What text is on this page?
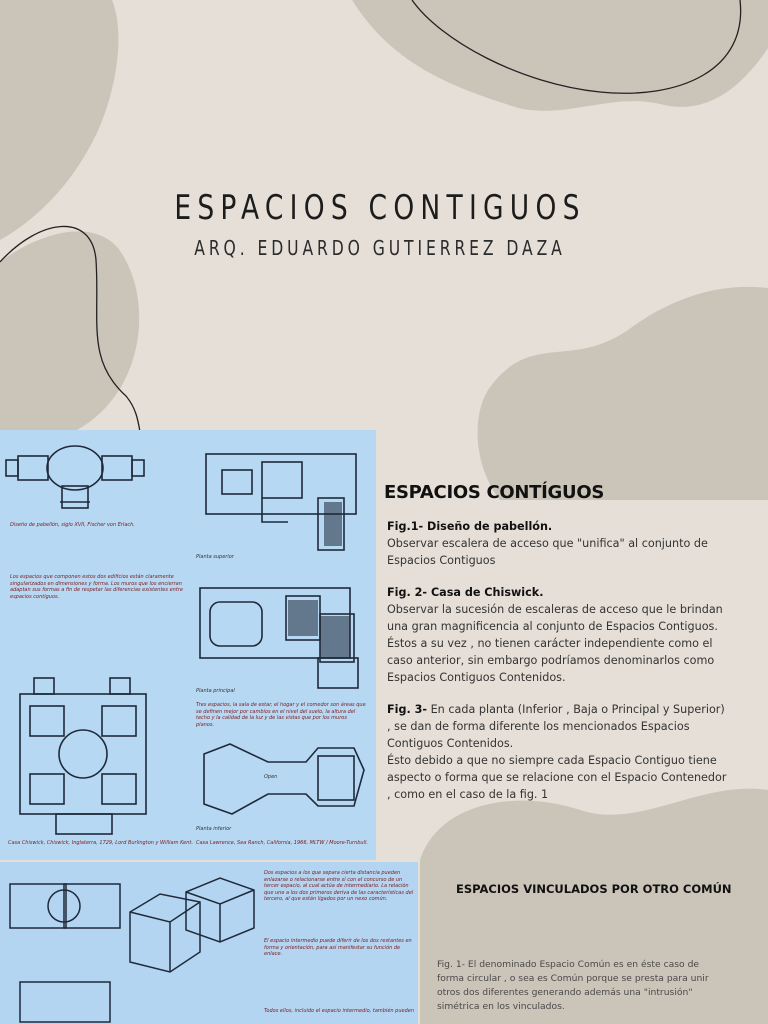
ESPACIOS CONTIGUOS
ARQ. EDUARDO GUTIERREZ DAZA
Diseño de pabellón, siglo XVII, Fischer von Erlach.
Los espacios que componen estos dos edificios están claramente singularizados en dimensiones y forma. Los muros que los encierran adaptan sus formas a fin de respetar las diferencias existentes entre espacios contiguos.
Planta superior
Planta principal
Tres espacios, la sala de estar, el hogar y el comedor son áreas que se definen mejor por cambios en el nivel del suelo, la altura del techo y la calidad de la luz y de las vistas que por los muros planos.
Open
Planta inferior
Casa Chiswick, Chiswick, Inglaterra, 1729, Lord Burlington y William Kent. Casa Lawrence, Sea Ranch, California, 1966, MLTW / Moore-Turnbull.
ESPACIOS CONTÍGUOS

Fig.1- Diseño de pabellón.
Observar escalera de acceso que "unifica" al conjunto de Espacios Contiguos

Fig. 2- Casa de Chiswick.
Observar la sucesión de escaleras de acceso que le brindan una gran magnificencia al conjunto de Espacios Contiguos. Éstos a su vez , no tienen carácter independiente como el caso anterior, sin embargo podríamos denominarlos como Espacios Contiguos Contenidos.

Fig. 3- En cada planta (Inferior , Baja o Principal y Superior) , se dan de forma diferente los mencionados Espacios Contiguos Contenidos.
Ésto debido a que no siempre cada Espacio Contiguo tiene aspecto o forma que se relacione con el Espacio Contenedor , como en el caso de la fig. 1

Dos espacios a los que separa cierta distancia pueden enlazarse o relacionarse entre sí con el concurso de un tercer espacio, al cual actúa de intermediario. La relación que une a los dos primeros deriva de las características del tercero, al que están ligados por un nexo común.
El espacio intermedio puede diferir de los dos restantes en forma y orientación, para así manifestar su función de enlace.
Todos ellos, incluido el espacio intermedio, también pueden
ESPACIOS VINCULADOS POR OTRO COMÚN
Fig. 1- El denominado Espacio Común es en éste caso de forma circular , o sea es Común porque se presta para unir otros dos diferentes generando además una "intrusión" simétrica en los vinculados.
